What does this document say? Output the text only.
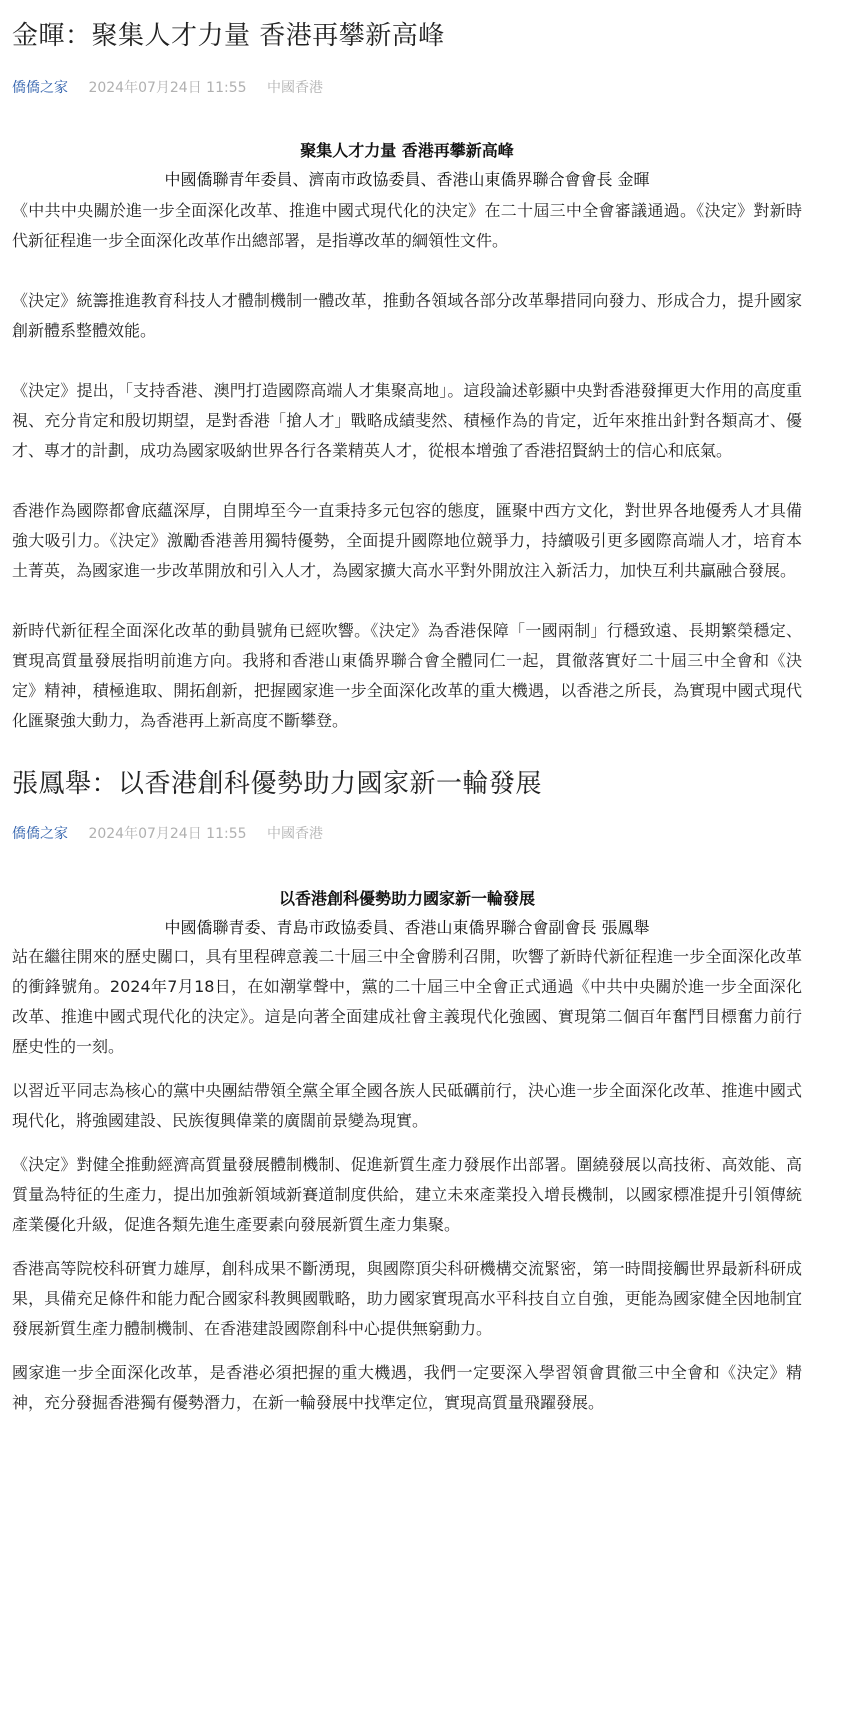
金暉：聚集人才力量 香港再攀新高峰
僑僑之家 2024年07月24日 11:55 中國香港
聚集人才力量 香港再攀新高峰
中國僑聯青年委員、濟南市政協委員、香港山東僑界聯合會會長 金暉

《中共中央關於進一步全面深化改革、推進中國式現代化的決定》在二十屆三中全會審議通過。《決定》對新時代新征程進一步全面深化改革作出總部署，是指導改革的綱領性文件。

《決定》統籌推進教育科技人才體制機制一體改革，推動各領域各部分改革舉措同向發力、形成合力，提升國家創新體系整體效能。

《決定》提出，「支持香港、澳門打造國際高端人才集聚高地」。這段論述彰顯中央對香港發揮更大作用的高度重視、充分肯定和殷切期望，是對香港「搶人才」戰略成績斐然、積極作為的肯定，近年來推出針對各類高才、優才、專才的計劃，成功為國家吸納世界各行各業精英人才，從根本增強了香港招賢納士的信心和底氣。

香港作為國際都會底蘊深厚，自開埠至今一直秉持多元包容的態度，匯聚中西方文化，對世界各地優秀人才具備強大吸引力。《決定》激勵香港善用獨特優勢，全面提升國際地位競爭力，持續吸引更多國際高端人才，培育本土菁英，為國家進一步改革開放和引入人才，為國家擴大高水平對外開放注入新活力，加快互利共贏融合發展。

新時代新征程全面深化改革的動員號角已經吹響。《決定》為香港保障「一國兩制」行穩致遠、長期繁榮穩定、實現高質量發展指明前進方向。我將和香港山東僑界聯合會全體同仁一起，貫徹落實好二十屆三中全會和《決定》精神，積極進取、開拓創新，把握國家進一步全面深化改革的重大機遇，以香港之所長，為實現中國式現代化匯聚強大動力，為香港再上新高度不斷攀登。

張鳳舉：以香港創科優勢助力國家新一輪發展
僑僑之家 2024年07月24日 11:55 中國香港
以香港創科優勢助力國家新一輪發展
中國僑聯青委、青島市政協委員、香港山東僑界聯合會副會長 張鳳舉

站在繼往開來的歷史關口，具有里程碑意義二十屆三中全會勝利召開，吹響了新時代新征程進一步全面深化改革的衝鋒號角。2024年7月18日，在如潮掌聲中，黨的二十屆三中全會正式通過《中共中央關於進一步全面深化改革、推進中國式現代化的決定》。這是向著全面建成社會主義現代化強國、實現第二個百年奮鬥目標奮力前行歷史性的一刻。

以習近平同志為核心的黨中央團結帶領全黨全軍全國各族人民砥礪前行，決心進一步全面深化改革、推進中國式現代化，將強國建設、民族復興偉業的廣闊前景變為現實。

《決定》對健全推動經濟高質量發展體制機制、促進新質生產力發展作出部署。圍繞發展以高技術、高效能、高質量為特征的生產力，提出加強新領域新賽道制度供給，建立未來產業投入增長機制，以國家標准提升引領傳統產業優化升級，促進各類先進生產要素向發展新質生產力集聚。

香港高等院校科研實力雄厚，創科成果不斷湧現，與國際頂尖科研機構交流緊密，第一時間接觸世界最新科研成果，具備充足條件和能力配合國家科教興國戰略，助力國家實現高水平科技自立自強，更能為國家健全因地制宜發展新質生產力體制機制、在香港建設國際創科中心提供無窮動力。

國家進一步全面深化改革，是香港必須把握的重大機遇，我們一定要深入學習領會貫徹三中全會和《決定》精神，充分發掘香港獨有優勢潛力，在新一輪發展中找準定位，實現高質量飛躍發展。
